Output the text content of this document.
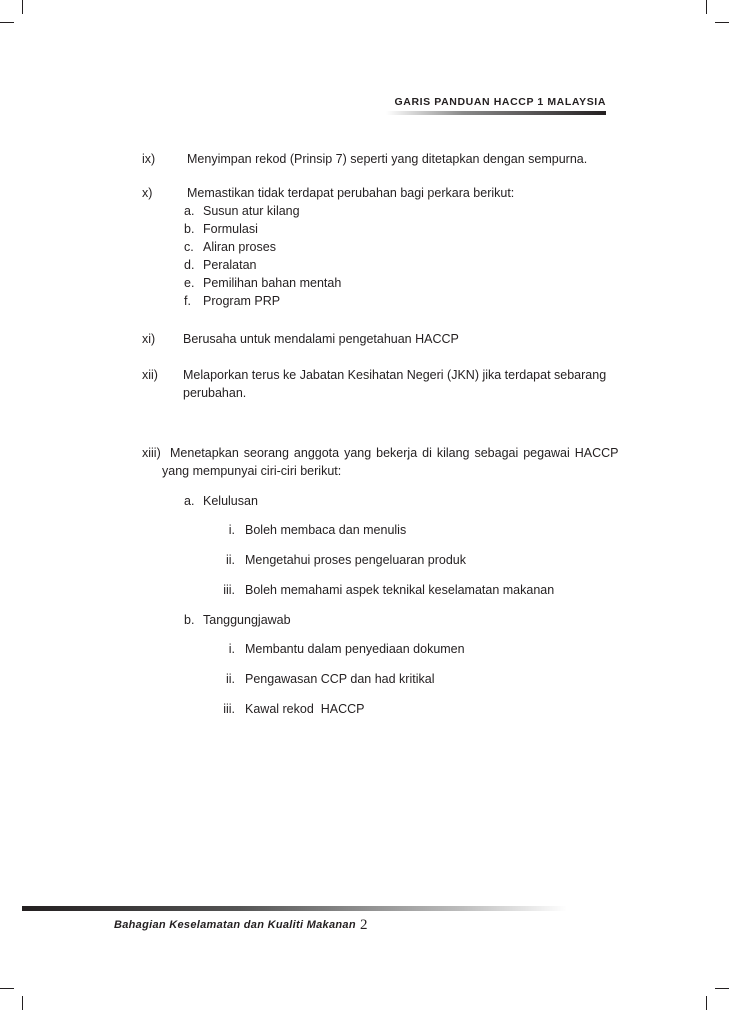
GARIS PANDUAN HACCP 1 MALAYSIA
ix)	Menyimpan rekod (Prinsip 7) seperti yang ditetapkan dengan sempurna.
x)	Memastikan tidak terdapat perubahan bagi perkara berikut:
a. Susun atur kilang
b. Formulasi
c. Aliran proses
d. Peralatan
e. Pemilihan bahan mentah
f. Program PRP
xi) Berusaha untuk mendalami pengetahuan HACCP
xii) Melaporkan terus ke Jabatan Kesihatan Negeri (JKN) jika terdapat sebarang
perubahan.
xiii) Menetapkan seorang anggota yang bekerja di kilang sebagai pegawai HACCP
yang mempunyai ciri-ciri berikut:
a. Kelulusan
i. Boleh membaca dan menulis
ii. Mengetahui proses pengeluaran produk
iii. Boleh memahami aspek teknikal keselamatan makanan
b. Tanggungjawab
i. Membantu dalam penyediaan dokumen
ii. Pengawasan CCP dan had kritikal
iii. Kawal rekod  HACCP
Bahagian Keselamatan dan Kualiti Makanan 2
